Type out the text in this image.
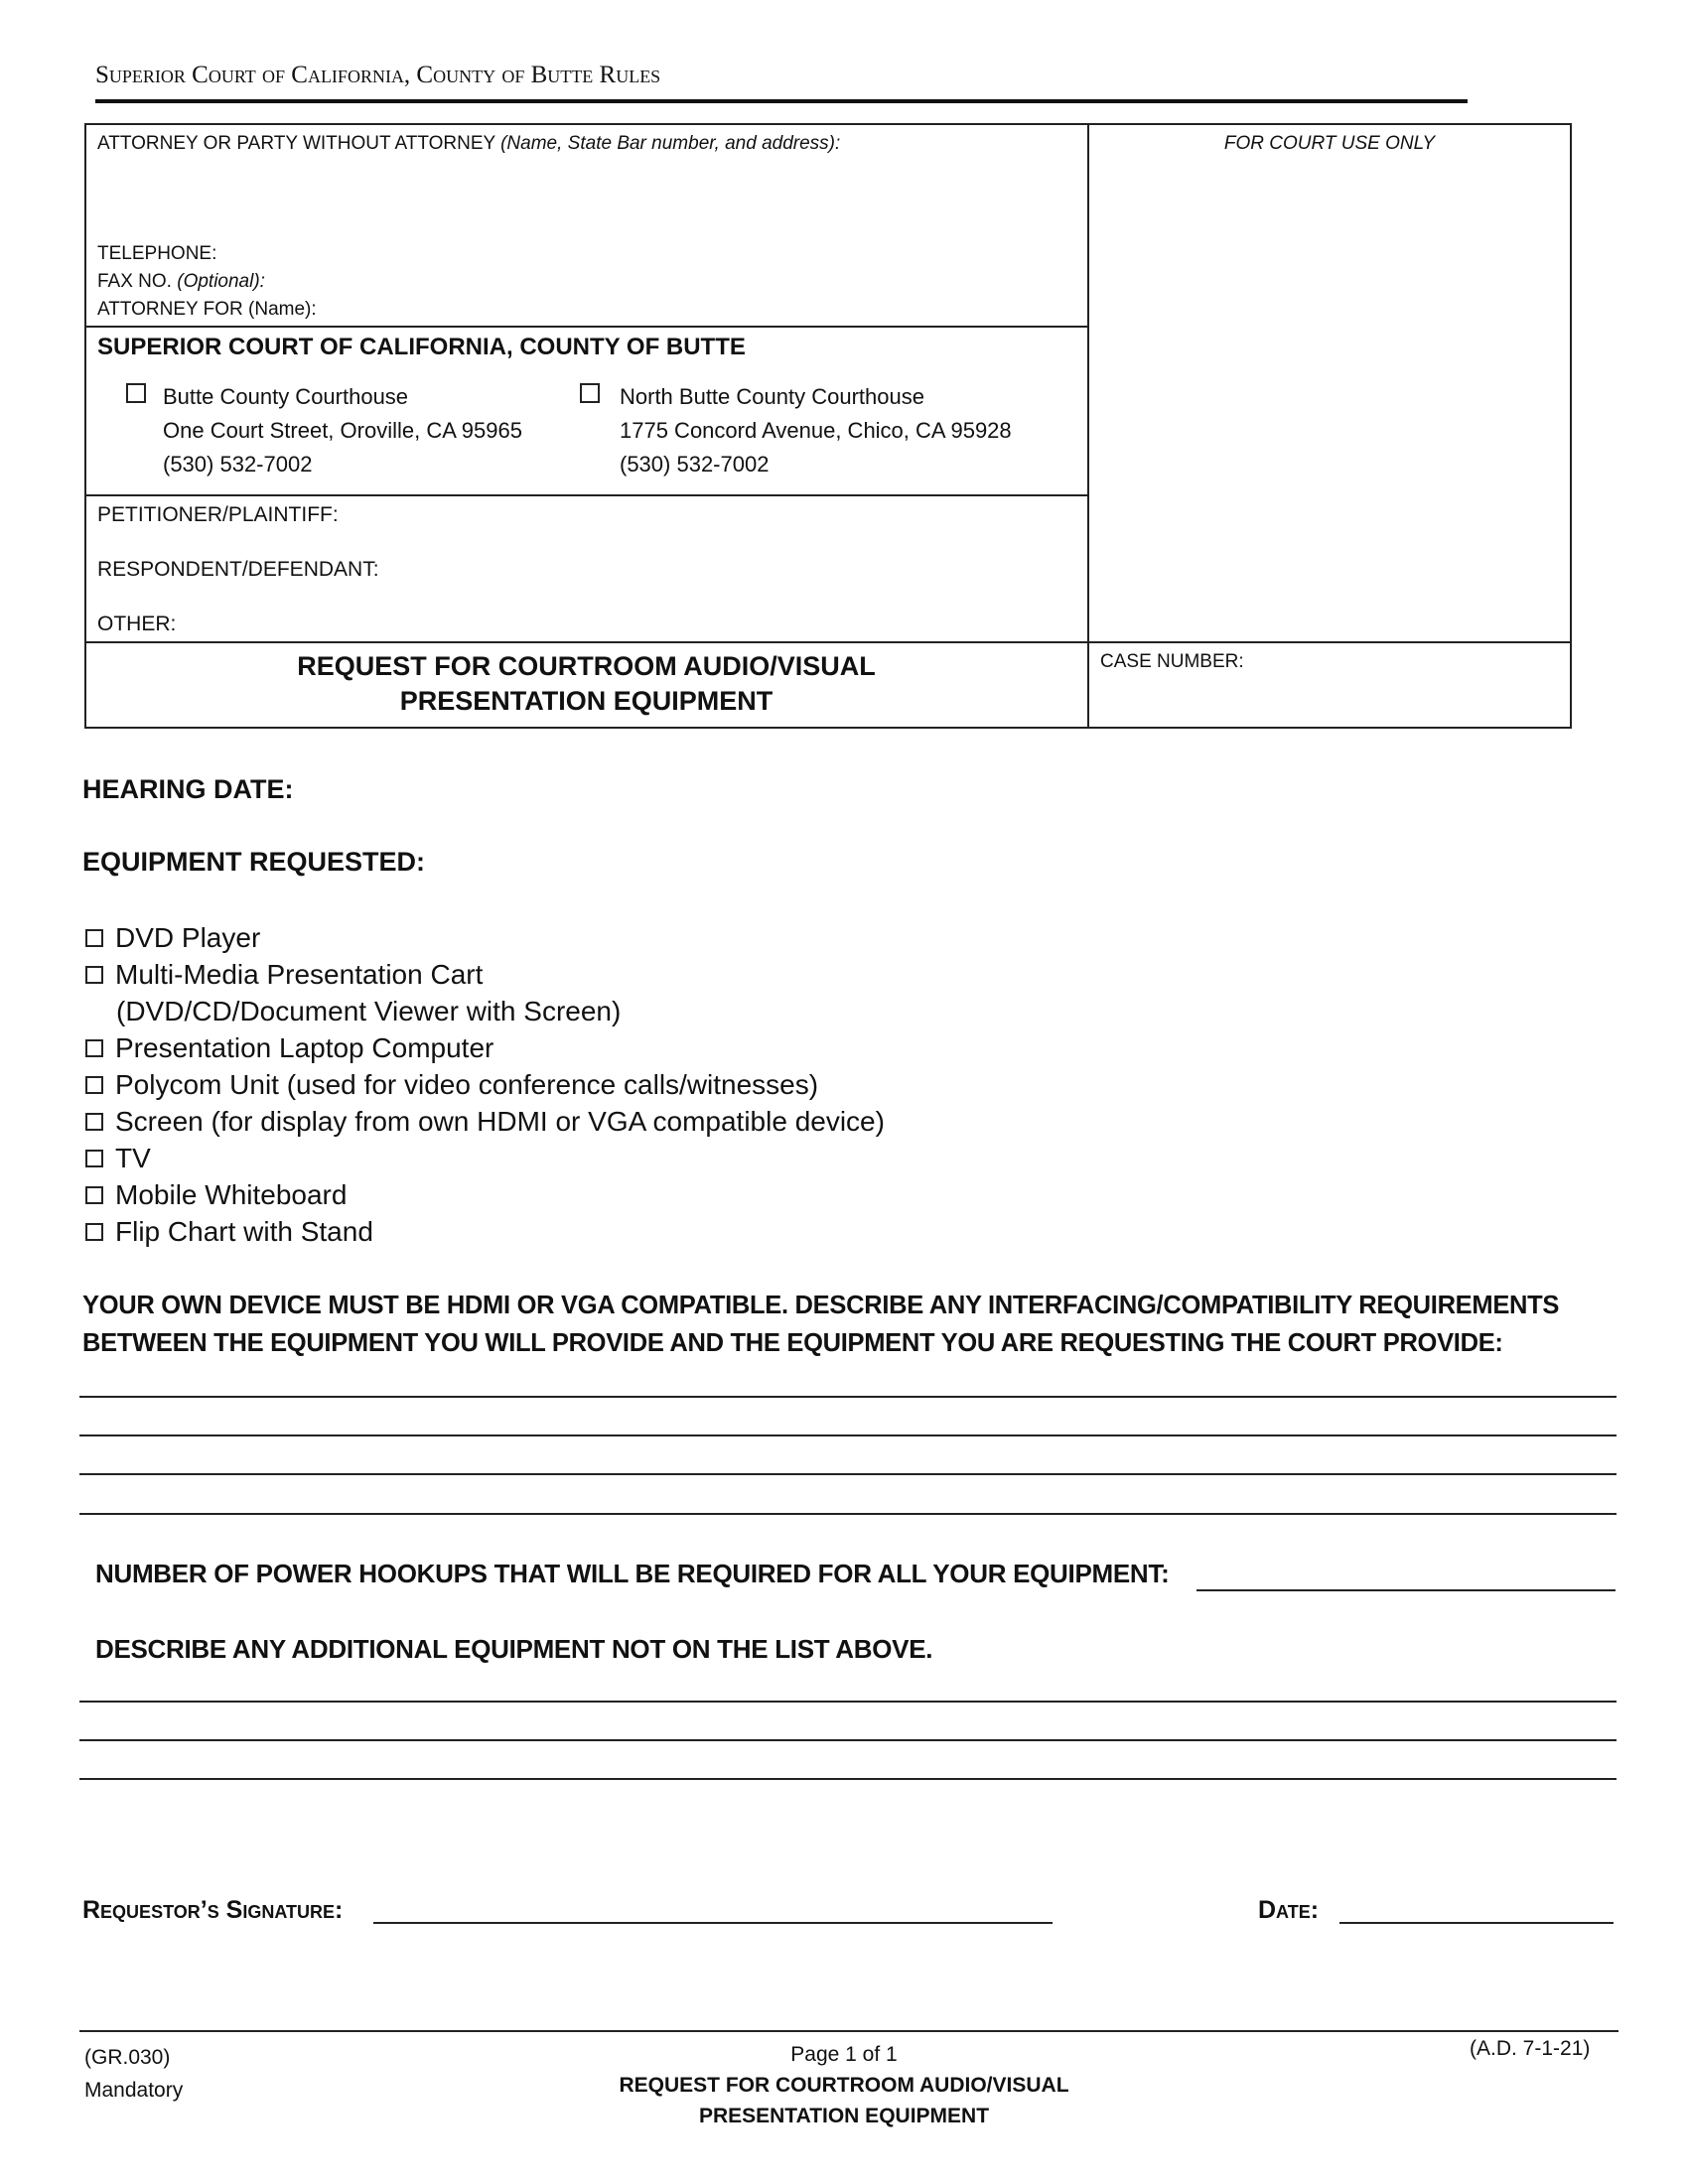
Superior Court of California, County of Butte Rules
ATTORNEY OR PARTY WITHOUT ATTORNEY (Name, State Bar number, and address):
TELEPHONE:
FAX NO. (Optional):
ATTORNEY FOR (Name):
FOR COURT USE ONLY
SUPERIOR COURT OF CALIFORNIA, COUNTY OF BUTTE
Butte County Courthouse
One Court Street, Oroville, CA 95965
(530) 532-7002
North Butte County Courthouse
1775 Concord Avenue, Chico, CA 95928
(530) 532-7002
PETITIONER/PLAINTIFF:
RESPONDENT/DEFENDANT:
OTHER:
REQUEST FOR COURTROOM AUDIO/VISUAL
PRESENTATION EQUIPMENT
CASE NUMBER:
HEARING DATE:
EQUIPMENT REQUESTED:
DVD Player
Multi-Media Presentation Cart
(DVD/CD/Document Viewer with Screen)
Presentation Laptop Computer
Polycom Unit (used for video conference calls/witnesses)
Screen (for display from own HDMI or VGA compatible device)
TV
Mobile Whiteboard
Flip Chart with Stand
YOUR OWN DEVICE MUST BE HDMI OR VGA COMPATIBLE. DESCRIBE ANY INTERFACING/COMPATIBILITY REQUIREMENTS
BETWEEN THE EQUIPMENT YOU WILL PROVIDE AND THE EQUIPMENT YOU ARE REQUESTING THE COURT PROVIDE:
NUMBER OF POWER HOOKUPS THAT WILL BE REQUIRED FOR ALL YOUR EQUIPMENT:
DESCRIBE ANY ADDITIONAL EQUIPMENT NOT ON THE LIST ABOVE.
Requestor’s Signature:	Date:
(GR.030)
Mandatory
Page 1 of 1
REQUEST FOR COURTROOM AUDIO/VISUAL
PRESENTATION EQUIPMENT
(A.D. 7-1-21)
